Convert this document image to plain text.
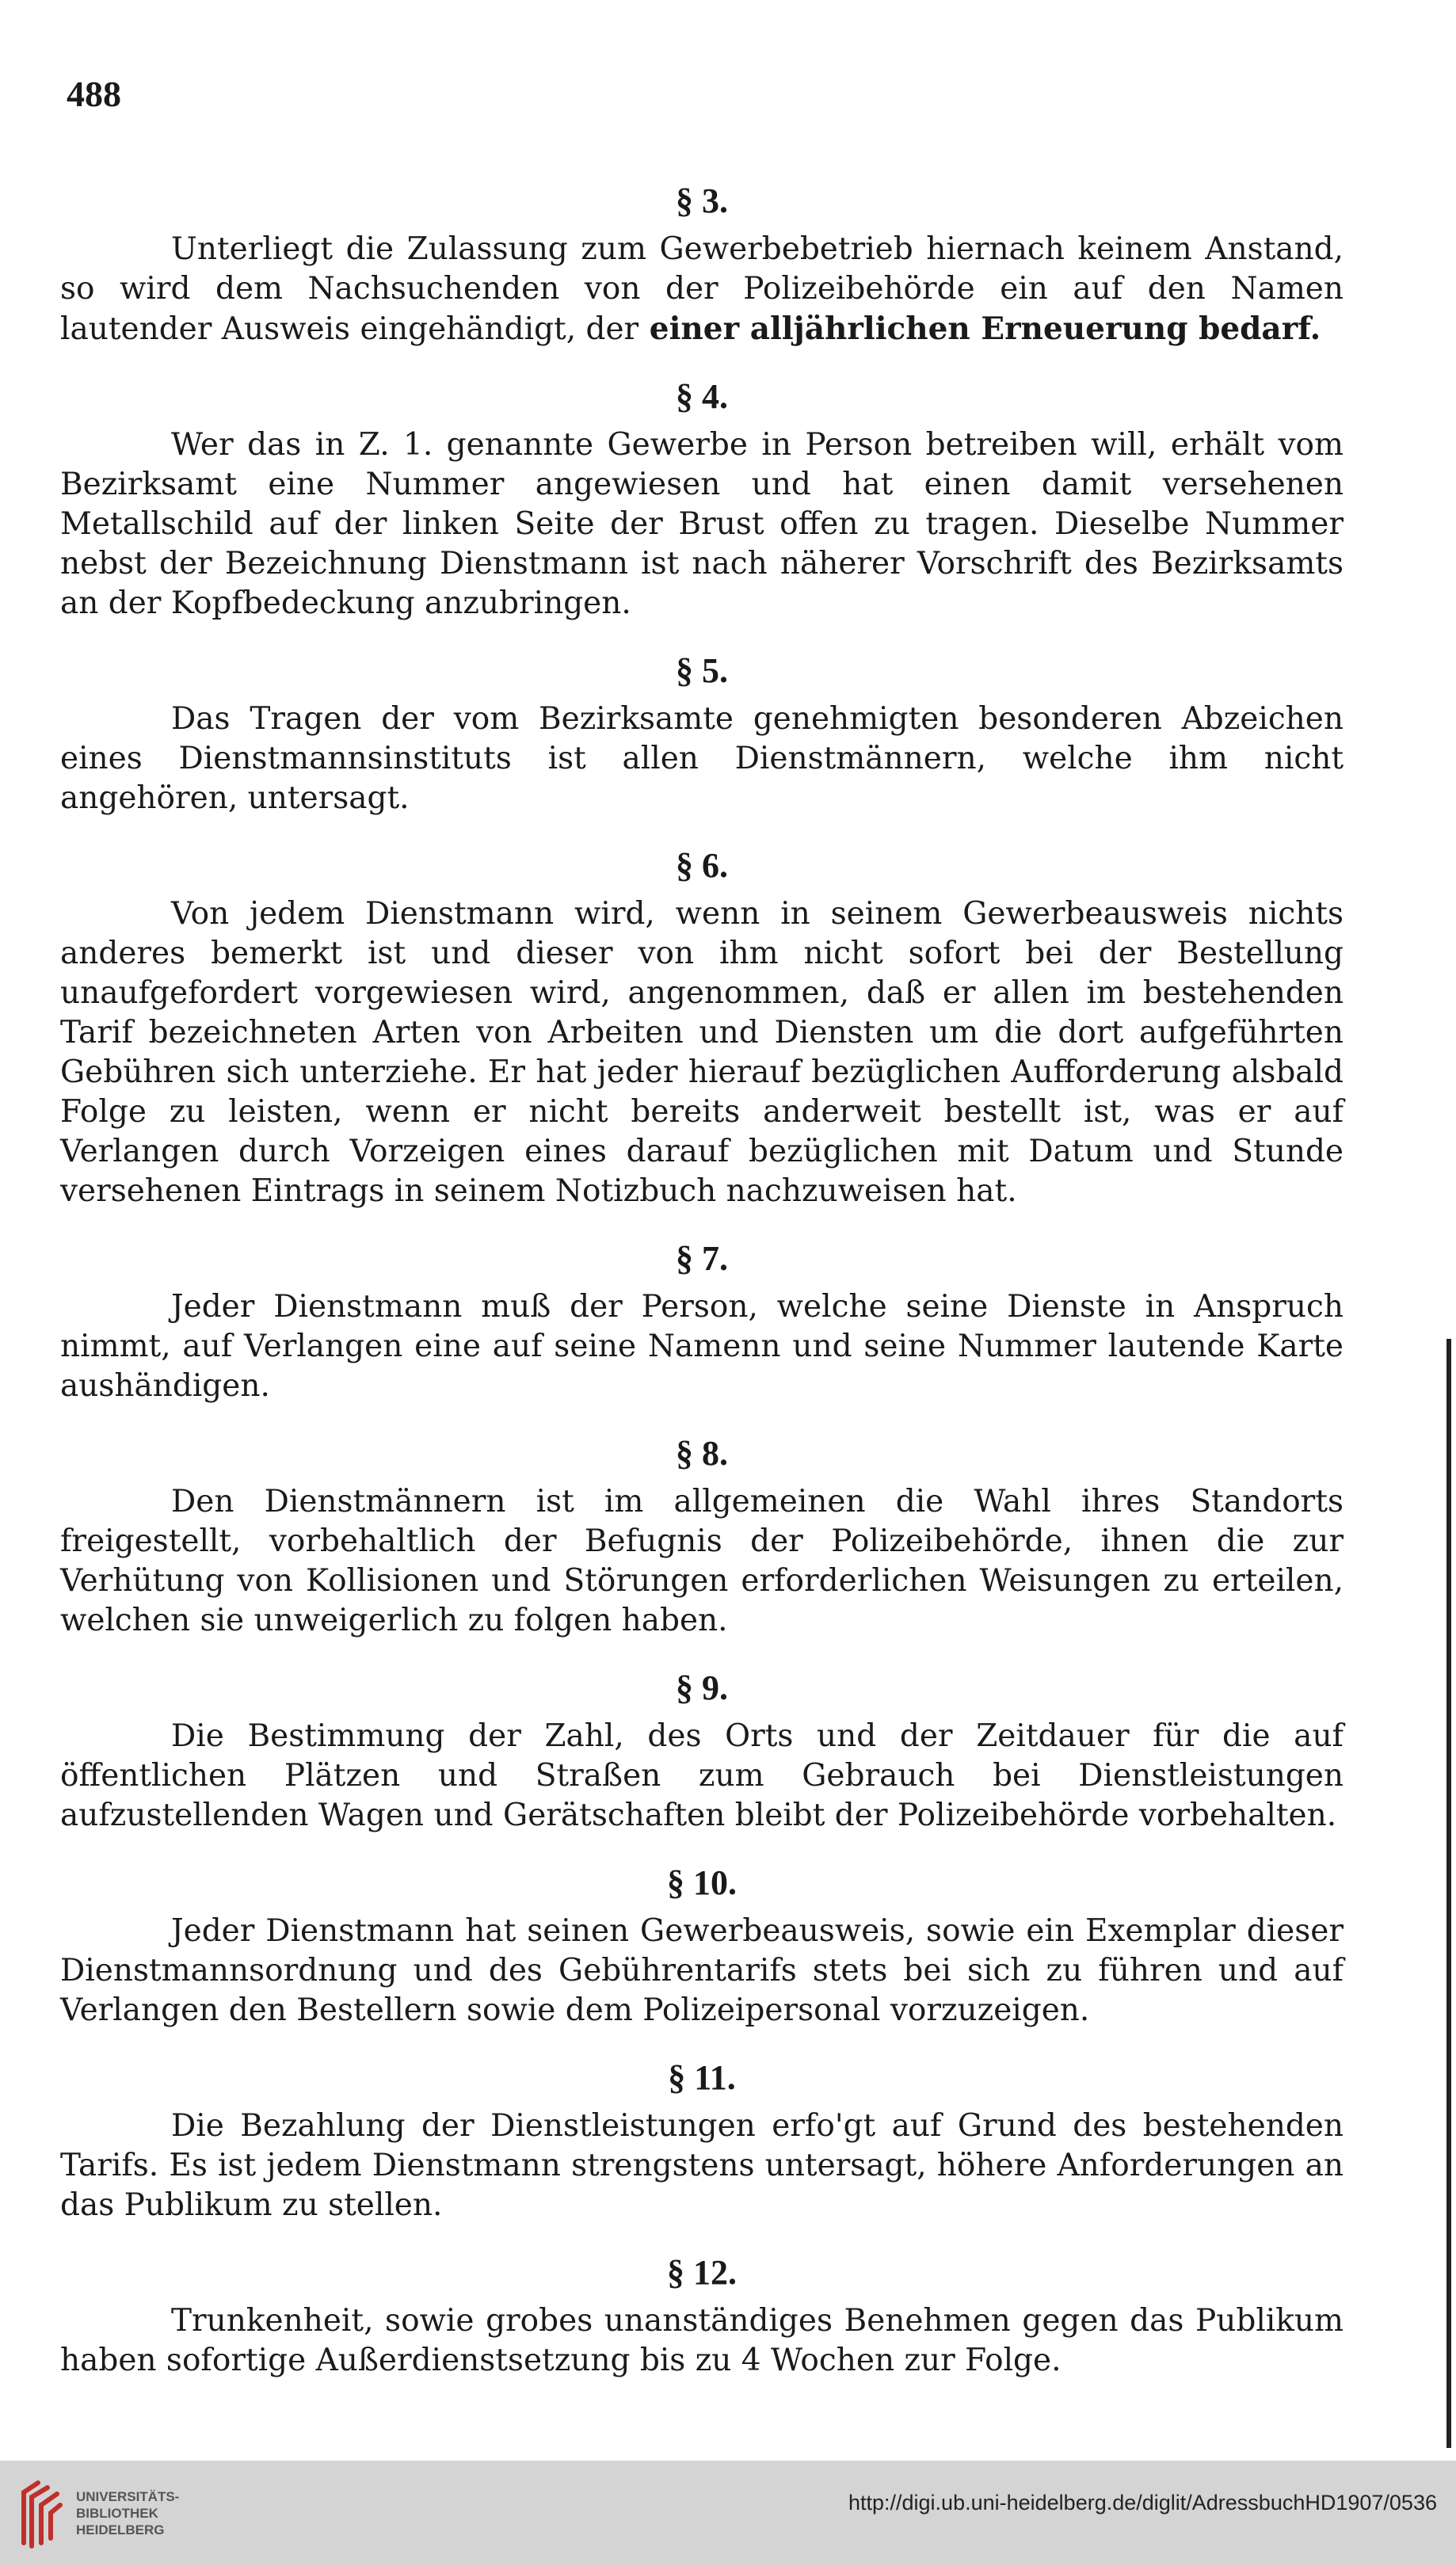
488
§ 3.

Unterliegt die Zulassung zum Gewerbebetrieb hiernach keinem Anstand, so wird dem Nachsuchenden von der Polizeibehörde ein auf den Namen lautender Ausweis eingehändigt, der einer alljährlichen Erneuerung bedarf.

§ 4.

Wer das in Z. 1. genannte Gewerbe in Person betreiben will, erhält vom Bezirksamt eine Nummer angewiesen und hat einen damit versehenen Metallschild auf der linken Seite der Brust offen zu tragen. Dieselbe Nummer nebst der Bezeichnung Dienstmann ist nach näherer Vorschrift des Bezirksamts an der Kopfbedeckung anzubringen.

§ 5.

Das Tragen der vom Bezirksamte genehmigten besonderen Abzeichen eines Dienstmannsinstituts ist allen Dienstmännern, welche ihm nicht angehören, untersagt.

§ 6.

Von jedem Dienstmann wird, wenn in seinem Gewerbeausweis nichts anderes bemerkt ist und dieser von ihm nicht sofort bei der Bestellung unaufgefordert vorgewiesen wird, angenommen, daß er allen im bestehenden Tarif bezeichneten Arten von Arbeiten und Diensten um die dort aufgeführten Gebühren sich unterziehe. Er hat jeder hierauf bezüglichen Aufforderung alsbald Folge zu leisten, wenn er nicht bereits anderweit bestellt ist, was er auf Verlangen durch Vorzeigen eines darauf bezüglichen mit Datum und Stunde versehenen Eintrags in seinem Notizbuch nachzuweisen hat.

§ 7.

Jeder Dienstmann muß der Person, welche seine Dienste in Anspruch nimmt, auf Verlangen eine auf seine Namenn und seine Nummer lautende Karte aushändigen.

§ 8.

Den Dienstmännern ist im allgemeinen die Wahl ihres Standorts freigestellt, vorbehaltlich der Befugnis der Polizeibehörde, ihnen die zur Verhütung von Kollisionen und Störungen erforderlichen Weisungen zu erteilen, welchen sie unweigerlich zu folgen haben.

§ 9.

Die Bestimmung der Zahl, des Orts und der Zeitdauer für die auf öffentlichen Plätzen und Straßen zum Gebrauch bei Dienstleistungen aufzustellenden Wagen und Gerätschaften bleibt der Polizeibehörde vorbehalten.

§ 10.

Jeder Dienstmann hat seinen Gewerbeausweis, sowie ein Exemplar dieser Dienstmannsordnung und des Gebührentarifs stets bei sich zu führen und auf Verlangen den Bestellern sowie dem Polizeipersonal vorzuzeigen.

§ 11.

Die Bezahlung der Dienstleistungen erfo'gt auf Grund des bestehenden Tarifs. Es ist jedem Dienstmann strengstens untersagt, höhere Anforderungen an das Publikum zu stellen.

§ 12.

Trunkenheit, sowie grobes unanständiges Benehmen gegen das Publikum haben sofortige Außerdienstsetzung bis zu 4 Wochen zur Folge.

UNIVERSITÄTS-
BIBLIOTHEK
HEIDELBERG
http://digi.ub.uni-heidelberg.de/diglit/AdressbuchHD1907/0536
